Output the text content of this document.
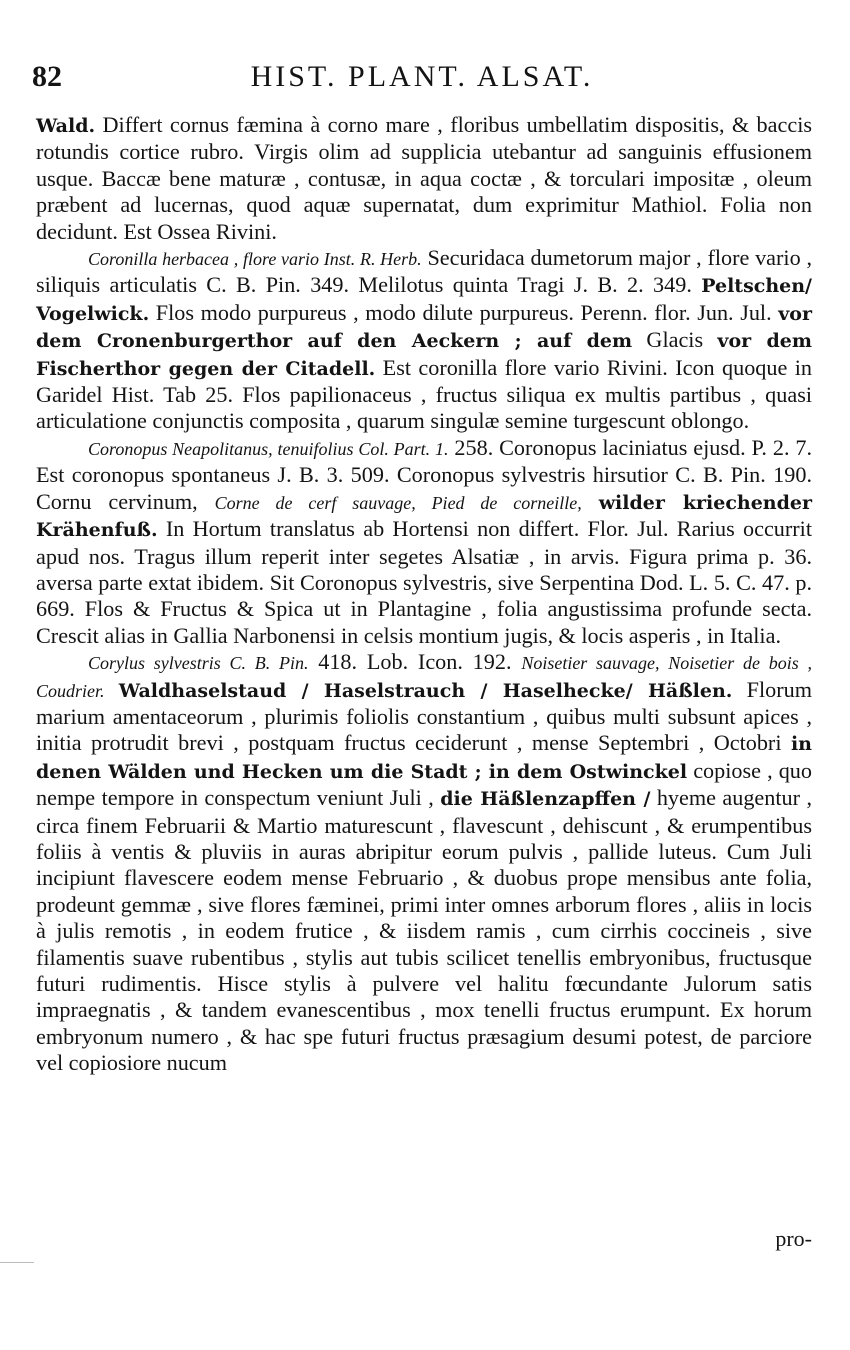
82	HIST. PLANT. ALSAT.

Wald. Differt cornus fæmina à corno mare , floribus umbellatim dispositis, & baccis rotundis cortice rubro. Virgis olim ad supplicia utebantur ad sanguinis effusionem usque. Baccæ bene maturæ , contusæ, in aqua coctæ , & torculari impositæ , oleum præbent ad lucernas, quod aquæ supernatat, dum exprimitur Mathiol. Folia non decidunt. Est Ossea Rivini.

Coronilla herbacea , flore vario Inst. R. Herb. Securidaca dumetorum major , flore vario , siliquis articulatis C. B. Pin. 349. Melilotus quinta Tragi J. B. 2. 349. Peltschen/ Vogelwick. Flos modo purpureus , modo dilute purpureus. Perenn. flor. Jun. Jul. vor dem Cronenburgerthor auf den Aeckern ; auf dem Glacis vor dem Fischerthor gegen der Citadell. Est coronilla flore vario Rivini. Icon quoque in Garidel Hist. Tab 25. Flos papilionaceus , fructus siliqua ex multis partibus , quasi articulatione conjunctis composita , quarum singulæ semine turgescunt oblongo.

Coronopus Neapolitanus, tenuifolius Col. Part. 1. 258. Coronopus laciniatus ejusd. P. 2. 7. Est coronopus spontaneus J. B. 3. 509. Coronopus sylvestris hirsutior C. B. Pin. 190. Cornu cervinum, Corne de cerf sauvage, Pied de corneille, wilder kriechender Krähenfuß. In Hortum translatus ab Hortensi non differt. Flor. Jul. Rarius occurrit apud nos. Tragus illum reperit inter segetes Alsatiæ , in arvis. Figura prima p. 36. aversa parte extat ibidem. Sit Coronopus sylvestris, sive Serpentina Dod. L. 5. C. 47. p. 669. Flos & Fructus & Spica ut in Plantagine , folia angustissima profunde secta. Crescit alias in Gallia Narbonensi in celsis montium jugis, & locis asperis , in Italia.

Corylus sylvestris C. B. Pin. 418. Lob. Icon. 192. Noisetier sauvage, Noisetier de bois , Coudrier. Waldhaselstaud / Haselstrauch / Haselhecke/ Häßlen. Florum marium amentaceorum , plurimis foliolis constantium , quibus multi subsunt apices , initia protrudit brevi , postquam fructus ceciderunt , mense Septembri , Octobri in denen Wälden und Hecken um die Stadt ; in dem Ostwinckel copiose , quo nempe tempore in conspectum veniunt Juli , die Häßlenzapffen / hyeme augentur , circa finem Februarii & Martio maturescunt , flavescunt , dehiscunt , & erumpentibus foliis à ventis & pluviis in auras abripitur eorum pulvis , pallide luteus. Cum Juli incipiunt flavescere eodem mense Februario , & duobus prope mensibus ante folia, prodeunt gemmæ , sive flores fæminei, primi inter omnes arborum flores , aliis in locis à julis remotis , in eodem frutice , & iisdem ramis , cum cirrhis coccineis , sive filamentis suave rubentibus , stylis aut tubis scilicet tenellis embryonibus, fructusque futuri rudimentis. Hisce stylis à pulvere vel halitu fœcundante Julorum satis impraegnatis , & tandem evanescentibus , mox tenelli fructus erumpunt. Ex horum embryonum numero , & hac spe futuri fructus præsagium desumi potest, de parciore vel copiosiore nucum

pro-
